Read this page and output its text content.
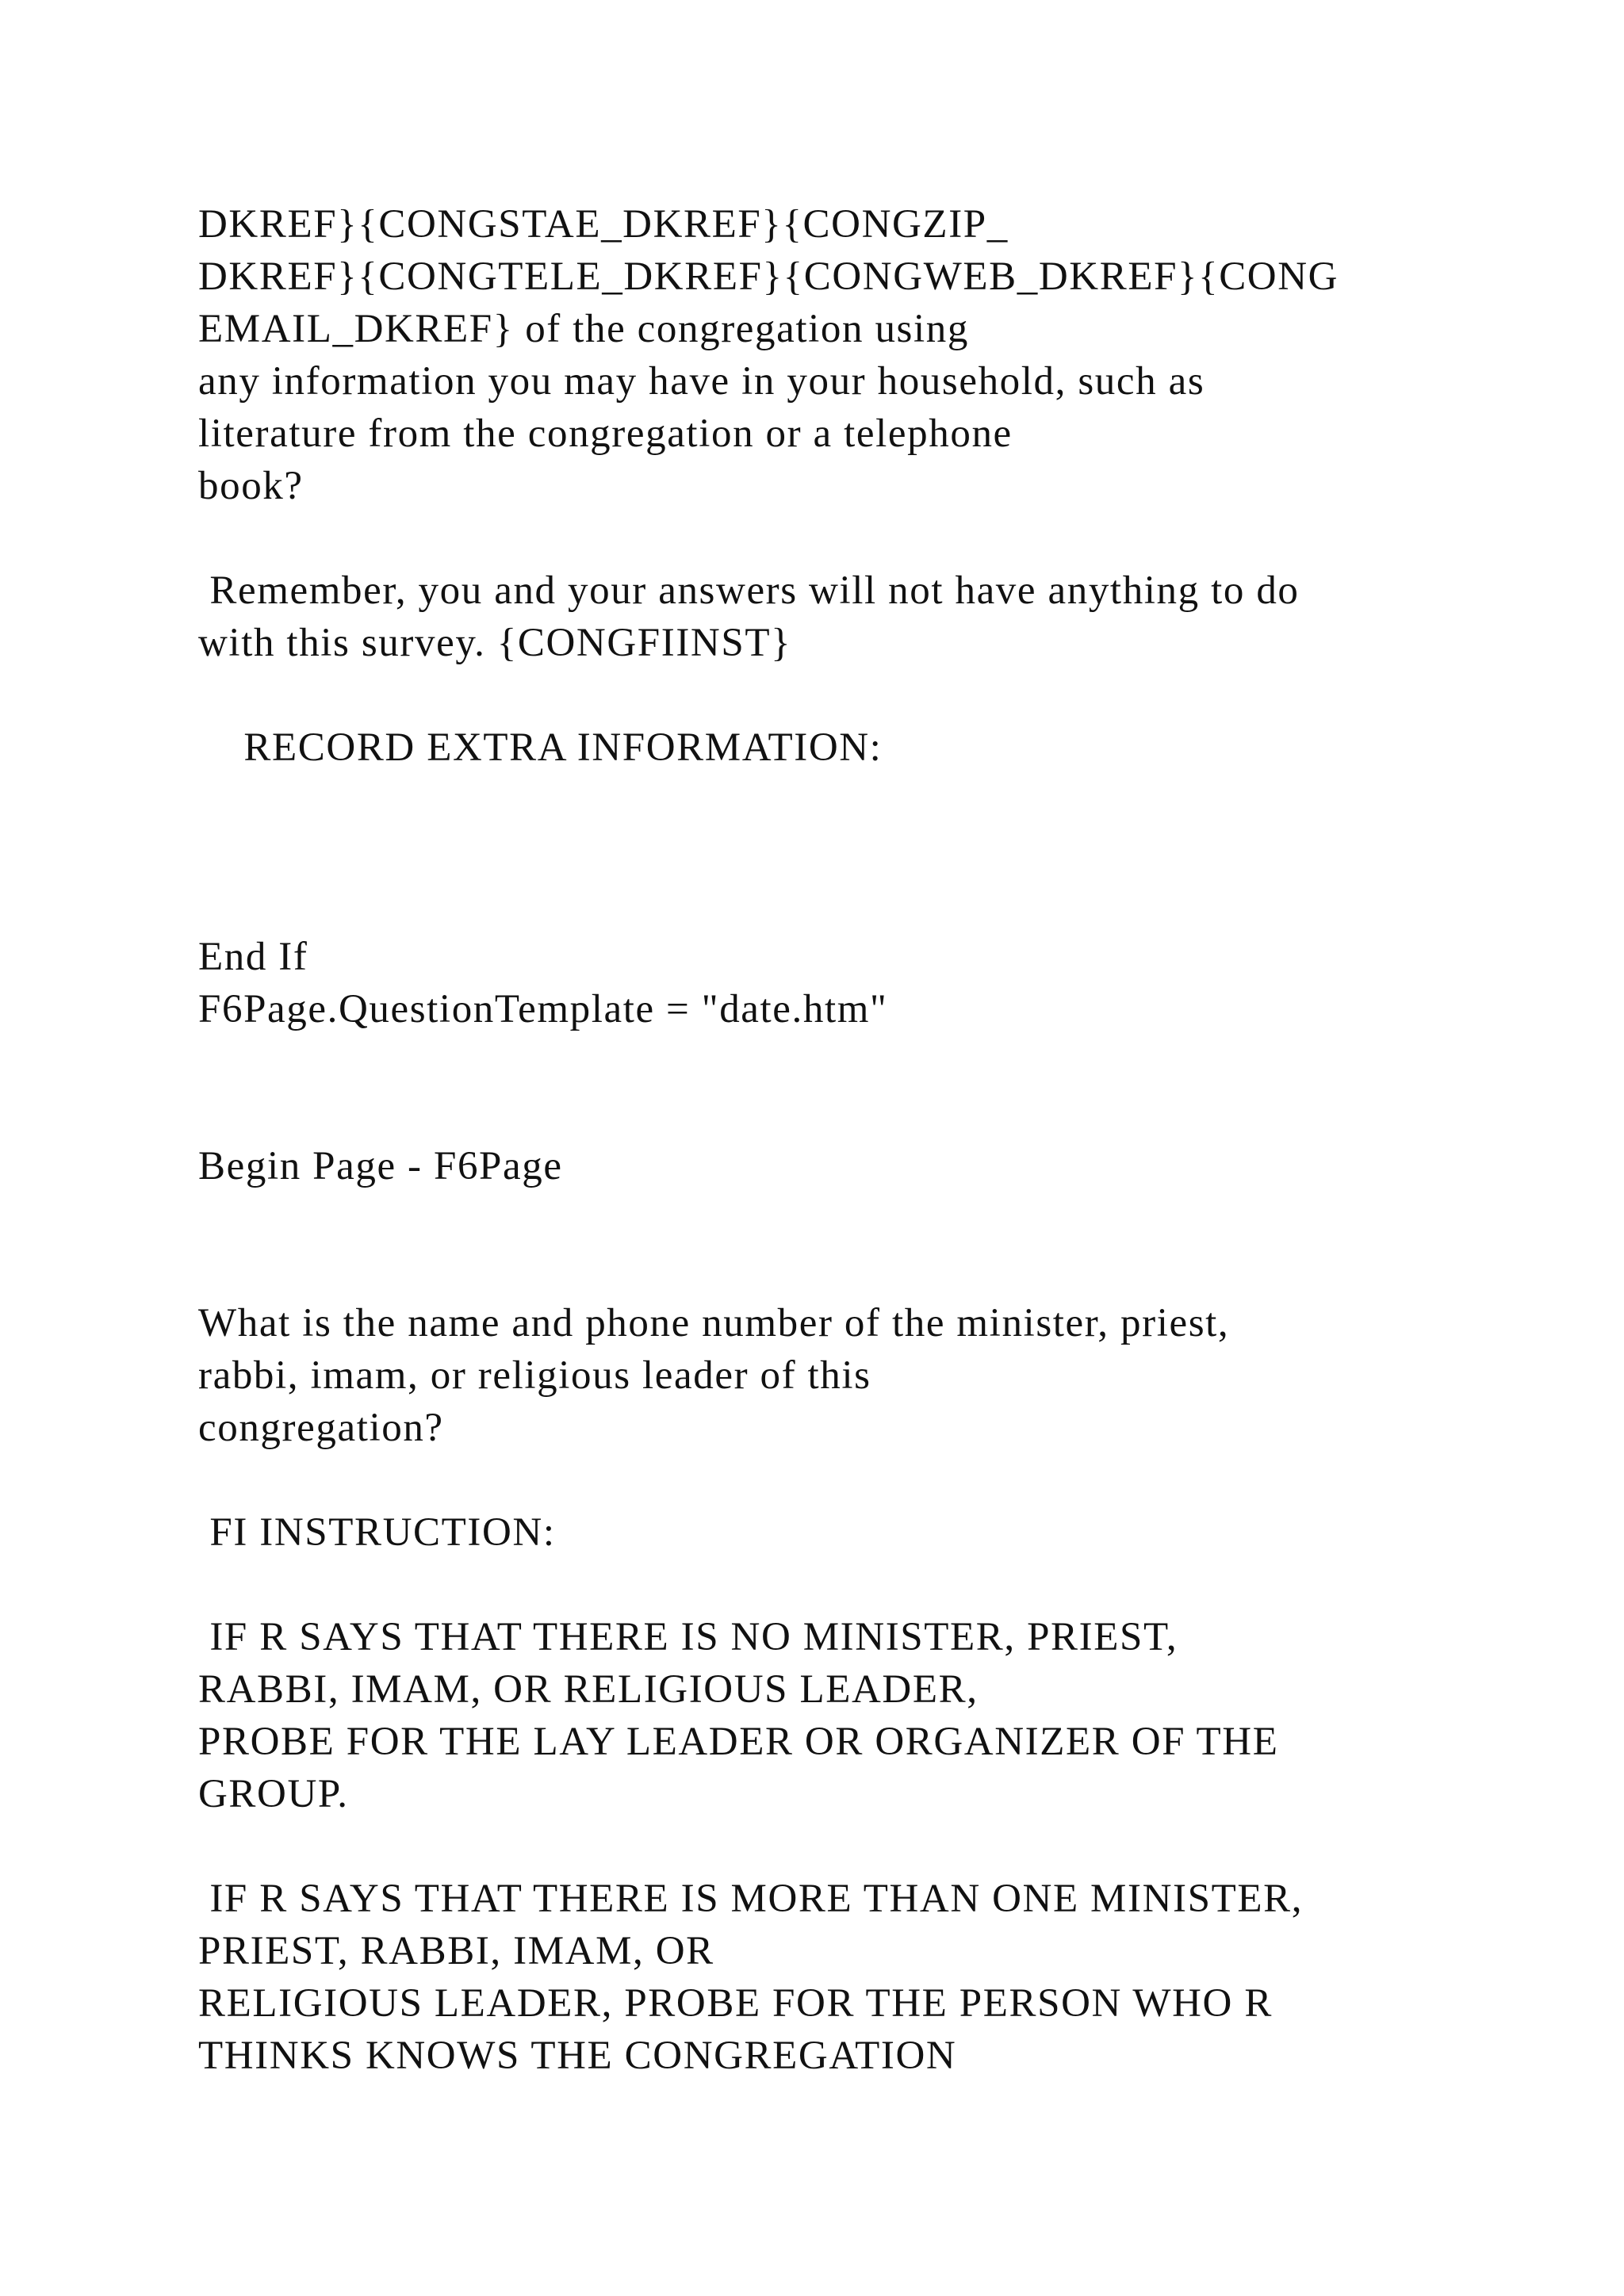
DKREF}{CONGSTAE_DKREF}{CONGZIP_
DKREF}{CONGTELE_DKREF}{CONGWEB_DKREF}{CONG
EMAIL_DKREF} of the congregation using
any information you may have in your household, such as
literature from the congregation or a telephone
book?
Remember, you and your answers will not have anything to do
with this survey. {CONGFIINST}
RECORD EXTRA INFORMATION:
End If
F6Page.QuestionTemplate = "date.htm"
Begin Page - F6Page
What is the name and phone number of the minister, priest,
rabbi, imam, or religious leader of this
congregation?
FI INSTRUCTION:
IF R SAYS THAT THERE IS NO MINISTER, PRIEST,
RABBI, IMAM, OR RELIGIOUS LEADER,
PROBE FOR THE LAY LEADER OR ORGANIZER OF THE
GROUP.
IF R SAYS THAT THERE IS MORE THAN ONE MINISTER,
PRIEST, RABBI, IMAM, OR
RELIGIOUS LEADER, PROBE FOR THE PERSON WHO R
THINKS KNOWS THE CONGREGATION
